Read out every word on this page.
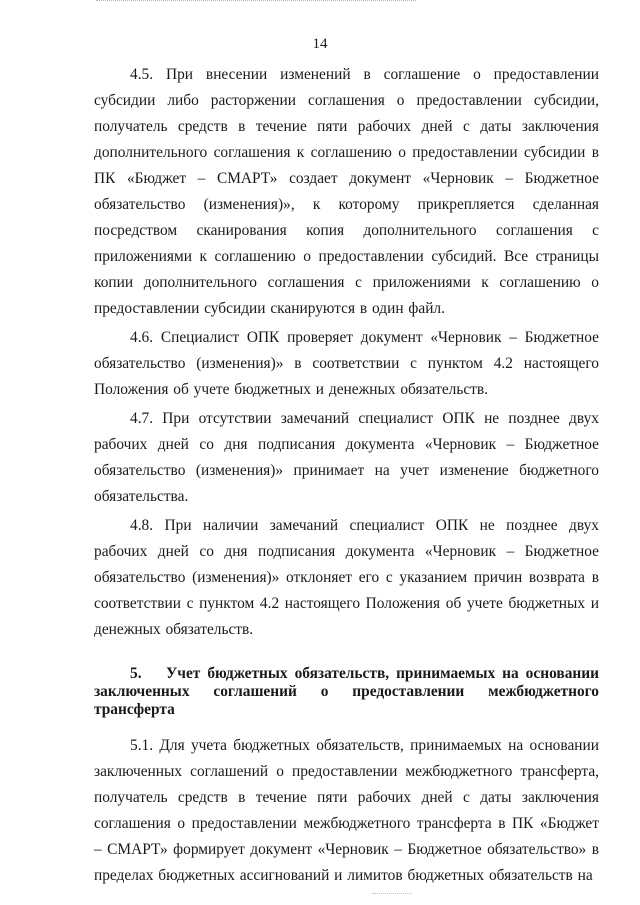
14

4.5. При внесении изменений в соглашение о предоставлении субсидии либо расторжении соглашения о предоставлении субсидии, получатель средств в течение пяти рабочих дней с даты заключения дополнительного соглашения к соглашению о предоставлении субсидии в ПК «Бюджет – СМАРТ» создает документ «Черновик – Бюджетное обязательство (изменения)», к которому прикрепляется сделанная посредством сканирования копия дополнительного соглашения с приложениями к соглашению о предоставлении субсидий. Все страницы копии дополнительного соглашения с приложениями к соглашению о предоставлении субсидии сканируются в один файл.

4.6. Специалист ОПК проверяет документ «Черновик – Бюджетное обязательство (изменения)» в соответствии с пунктом 4.2 настоящего Положения об учете бюджетных и денежных обязательств.

4.7. При отсутствии замечаний специалист ОПК не позднее двух рабочих дней со дня подписания документа «Черновик – Бюджетное обязательство (изменения)» принимает на учет изменение бюджетного обязательства.

4.8. При наличии замечаний специалист ОПК не позднее двух рабочих дней со дня подписания документа «Черновик – Бюджетное обязательство (изменения)» отклоняет его с указанием причин возврата в соответствии с пунктом 4.2 настоящего Положения об учете бюджетных и денежных обязательств.

5. Учет бюджетных обязательств, принимаемых на основании заключенных соглашений о предоставлении межбюджетного трансферта

5.1. Для учета бюджетных обязательств, принимаемых на основании заключенных соглашений о предоставлении межбюджетного трансферта, получатель средств в течение пяти рабочих дней с даты заключения соглашения о предоставлении межбюджетного трансферта в ПК «Бюджет – СМАРТ» формирует документ «Черновик – Бюджетное обязательство» в пределах бюджетных ассигнований и лимитов бюджетных обязательств на
